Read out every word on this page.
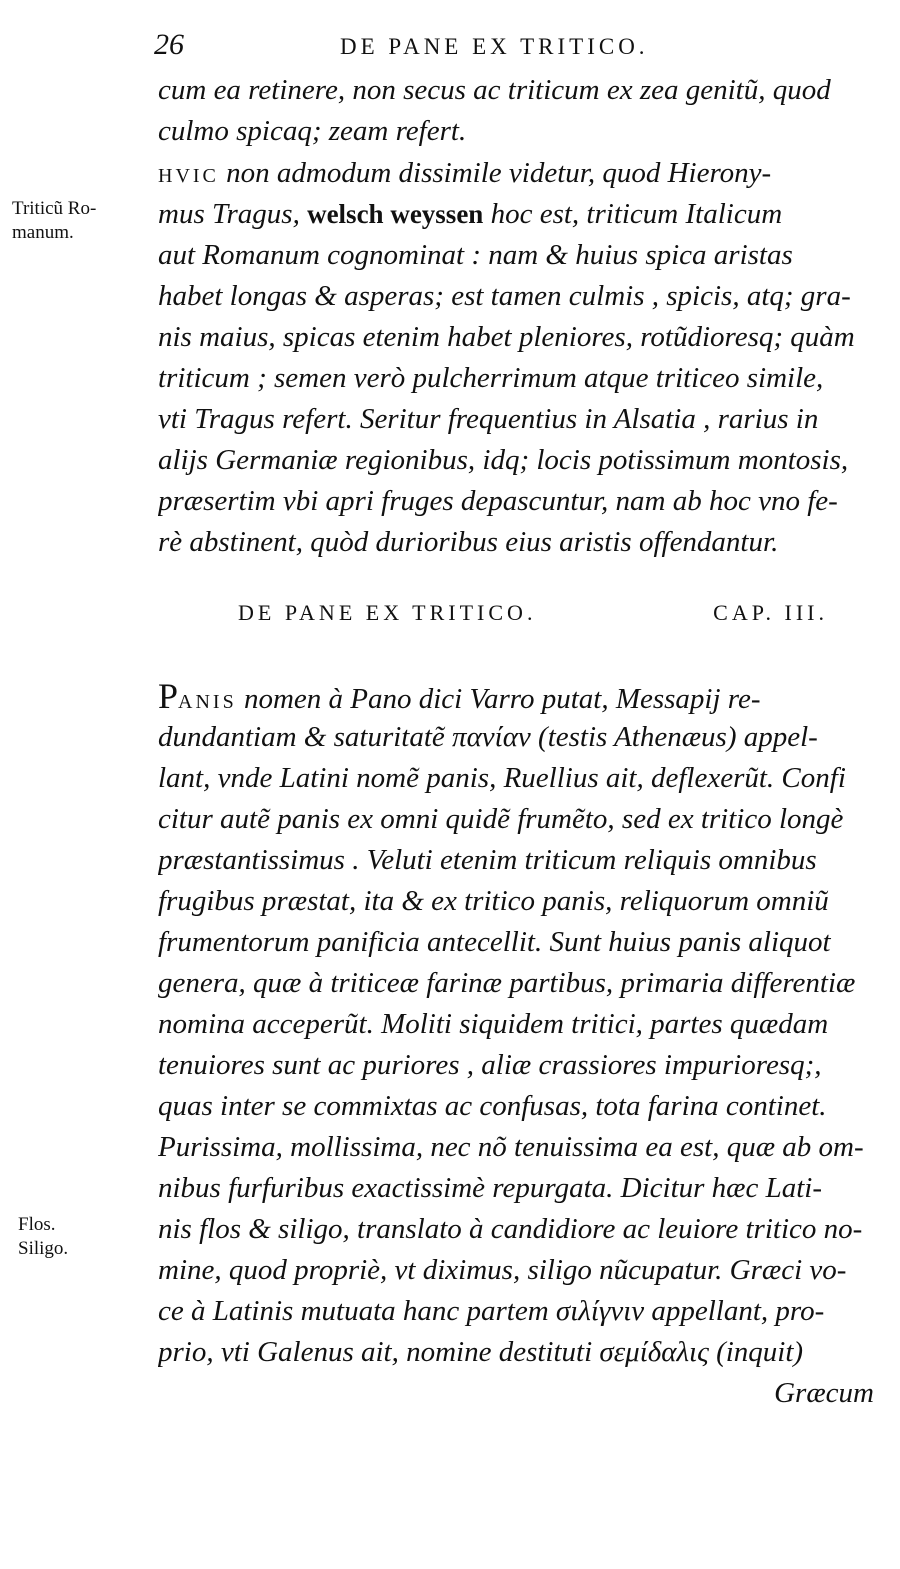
26	DE PANE EX TRITICO.
cum ea retinere, non secus ac triticum ex zea genitũ, quod
culmo spicaq; zeam refert.
HVIC non admodum dissimile videtur, quod Hierony-
mus Tragus, welsch weyssen hoc est, triticum Italicum
aut Romanum cognominat : nam & huius spica aristas
habet longas & asperas; est tamen culmis , spicis, atq; gra-
nis maius, spicas etenim habet pleniores, rotũdioresq; quàm
triticum ; semen verò pulcherrimum atque triticeo simile,
vti Tragus refert. Seritur frequentius in Alsatia , rarius in
alijs Germaniæ regionibus, idq; locis potissimum montosis,
præsertim vbi apri fruges depascuntur, nam ab hoc vno fe-
rè abstinent, quòd durioribus eius aristis offendantur.
DE PANE EX TRITICO.	CAP. III.
PANIS nomen à Pano dici Varro putat, Messapij re-
dundantiam & saturitatẽ πανίαν (testis Athenæus) appel-
lant, vnde Latini nomẽ panis, Ruellius ait, deflexerũt. Confi
citur autẽ panis ex omni quidẽ frumẽto, sed ex tritico longè
præstantissimus . Veluti etenim triticum reliquis omnibus
frugibus præstat, ita & ex tritico panis, reliquorum omniũ
frumentorum panificia antecellit. Sunt huius panis aliquot
genera, quæ à triticeæ farinæ partibus, primaria differentiæ
nomina acceperũt. Moliti siquidem tritici, partes quædam
tenuiores sunt ac puriores , aliæ crassiores impurioresq;,
quas inter se commixtas ac confusas, tota farina continet.
Purissima, mollissima, nec nõ tenuissima ea est, quæ ab om-
nibus furfuribus exactissimè repurgata. Dicitur hæc Lati-
nis flos & siligo, translato à candidiore ac leuiore tritico no-
mine, quod propriè, vt diximus, siligo nũcupatur. Græci vo-
ce à Latinis mutuata hanc partem σιλίγνιν appellant, pro-
prio, vti Galenus ait, nomine destituti σεμίδαλις (inquit)
Græcum
Triticũ Ro-
manum.
Flos.
Siligo.
